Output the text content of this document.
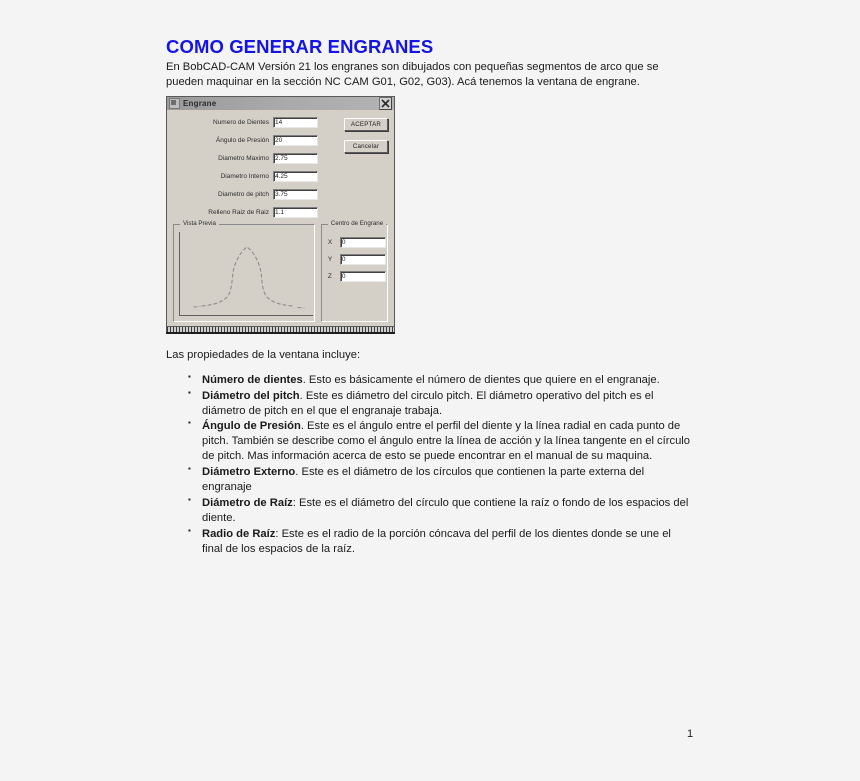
COMO GENERAR ENGRANES

En BobCAD-CAM Versión 21 los engranes son dibujados con pequeñas segmentos de arco que se pueden maquinar en la sección NC CAM G01, G02, G03). Acá tenemos la ventana de engrane.

Engrane
Numero de Dientes 14
Ángulo de Presión 20
Diametro Maximo 2.75
Diametro Interno 4.25
Diametro de pitch 3.75
Relleno Raiz de Raiz 1.1
ACEPTAR
Cancelar
Vista Previa	Centro de Engrane
X	0
Y	0
Z	0

Las propiedades de la ventana incluye:

▪ Número de dientes. Esto es básicamente el número de dientes que quiere en el engranaje.
▪ Diámetro del pitch. Este es diámetro del circulo pitch. El diámetro operativo del pitch es el diámetro de pitch en el que el engranaje trabaja.
▪ Ángulo de Presión. Este es el ángulo entre el perfil del diente y la línea radial en cada punto de pitch. También se describe como el ángulo entre la línea de acción y la línea tangente en el círculo de pitch. Mas información acerca de esto se puede encontrar en el manual de su maquina.
▪ Diámetro Externo. Este es el diámetro de los círculos que contienen la parte externa del engranaje
▪ Diámetro de Raíz: Este es el diámetro del círculo que contiene la raíz o fondo de los espacios del diente.
▪ Radio de Raíz: Este es el radio de la porción cóncava del perfil de los dientes donde se une el final de los espacios de la raíz.

1
